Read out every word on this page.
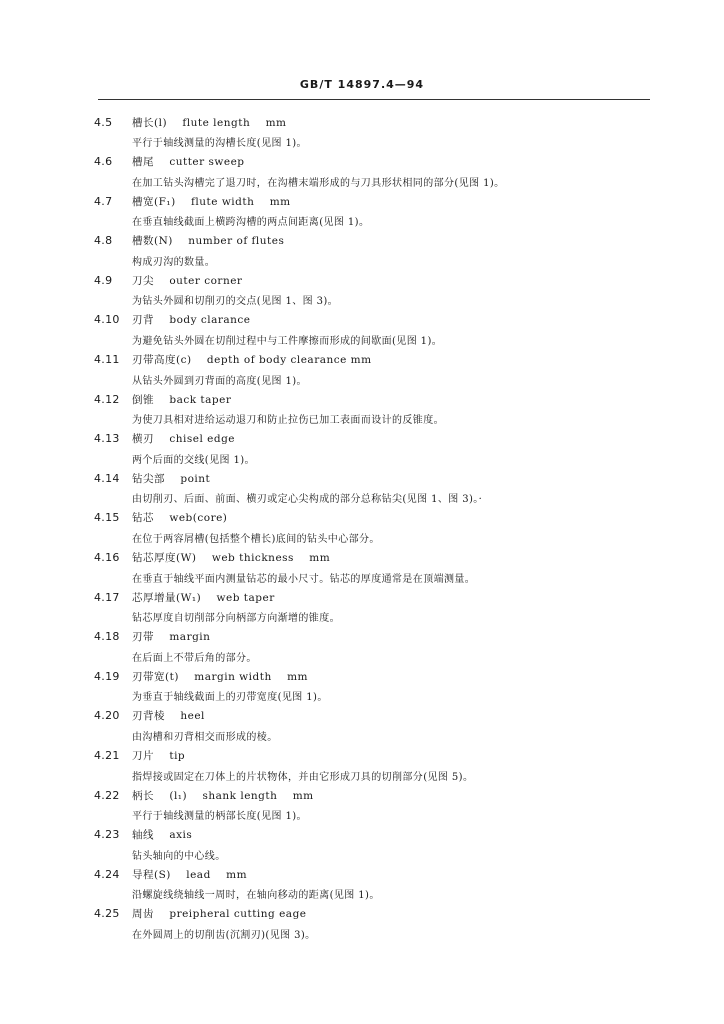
GB/T 14897.4—94
4.5	槽长(l)    flute length    mm
平行于轴线测量的沟槽长度(见图 1)。
4.6	槽尾    cutter sweep
在加工钻头沟槽完了退刀时，在沟槽末端形成的与刀具形状相同的部分(见图 1)。
4.7	槽宽(F₁)    flute width    mm
在垂直轴线截面上横跨沟槽的两点间距离(见图 1)。
4.8	槽数(N)    number of flutes
构成刃沟的数量。
4.9	刀尖    outer corner
为钻头外圆和切削刃的交点(见图 1、图 3)。
4.10	刃背    body clarance
为避免钻头外圆在切削过程中与工件摩擦而形成的间歇面(见图 1)。
4.11	刃带高度(c)    depth of body clearance mm
从钻头外圆到刃背面的高度(见图 1)。
4.12	倒锥    back taper
为使刀具相对进给运动退刀和防止拉伤已加工表面而设计的反锥度。
4.13	横刃    chisel edge
两个后面的交线(见图 1)。
4.14	钻尖部    point
由切削刃、后面、前面、横刃或定心尖构成的部分总称钻尖(见图 1、图 3)。·
4.15	钻芯    web(core)
在位于两容屑槽(包括整个槽长)底间的钻头中心部分。
4.16	钻芯厚度(W)    web thickness    mm
在垂直于轴线平面内测量钻芯的最小尺寸。钻芯的厚度通常是在顶端测量。
4.17	芯厚增量(W₁)    web taper
钻芯厚度自切削部分向柄部方向渐增的锥度。
4.18	刃带    margin
在后面上不带后角的部分。
4.19	刃带宽(t)    margin width    mm
为垂直于轴线截面上的刃带宽度(见图 1)。
4.20	刃背棱    heel
由沟槽和刃背相交而形成的棱。
4.21	刀片    tip
指焊接或固定在刀体上的片状物体，并由它形成刀具的切削部分(见图 5)。
4.22	柄长    (l₁)    shank length    mm
平行于轴线测量的柄部长度(见图 1)。
4.23	轴线    axis
钻头轴向的中心线。
4.24	导程(S)    lead    mm
沿螺旋线绕轴线一周时，在轴向移动的距离(见图 1)。
4.25	周齿    preipheral cutting eage
在外圆周上的切削齿(沉割刃)(见图 3)。
